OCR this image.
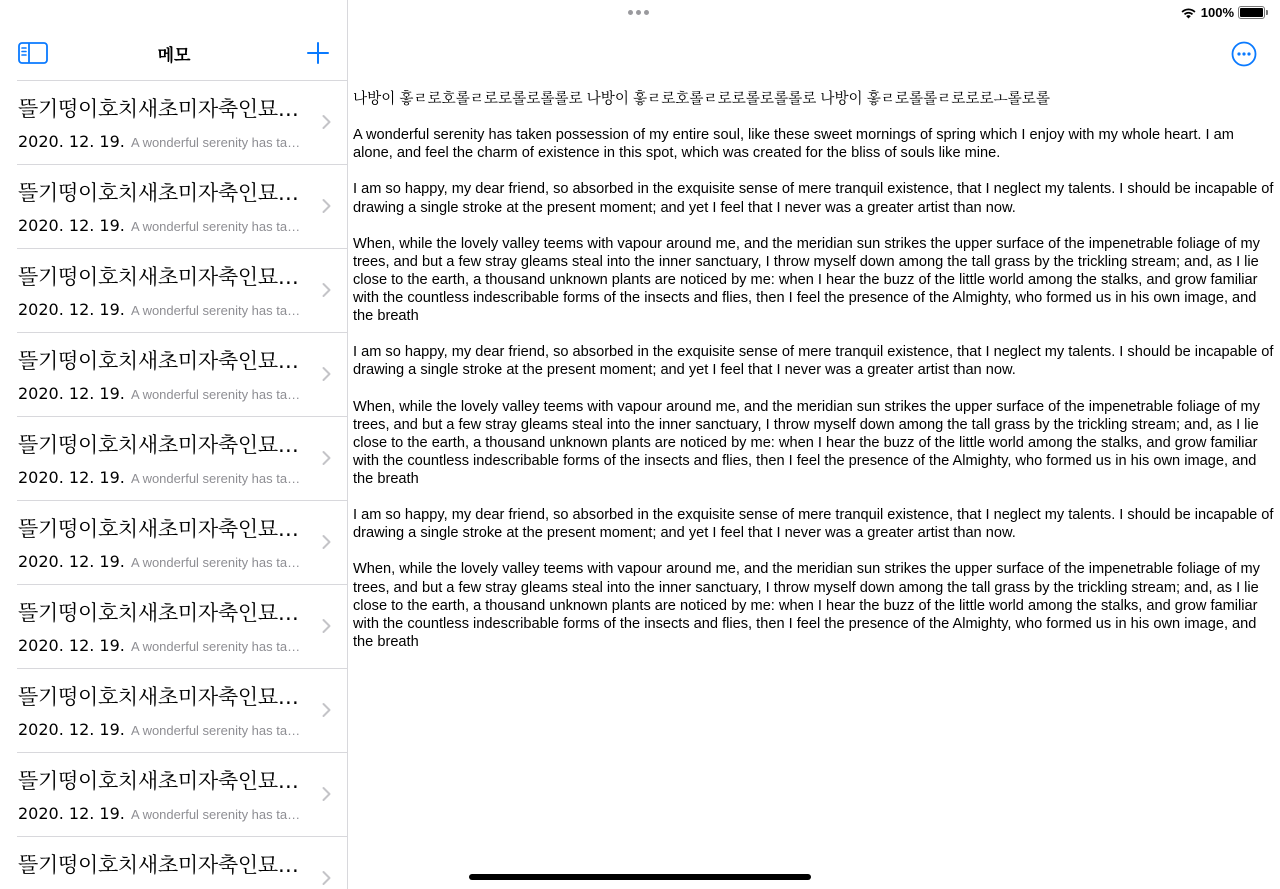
100%
메모
뜰기떵이호치새초미자축인묘…
2020. 12. 19. A wonderful serenity has ta…
뜰기떵이호치새초미자축인묘…
2020. 12. 19. A wonderful serenity has ta…
뜰기떵이호치새초미자축인묘…
2020. 12. 19. A wonderful serenity has ta…
뜰기떵이호치새초미자축인묘…
2020. 12. 19. A wonderful serenity has ta…
뜰기떵이호치새초미자축인묘…
2020. 12. 19. A wonderful serenity has ta…
뜰기떵이호치새초미자축인묘…
2020. 12. 19. A wonderful serenity has ta…
뜰기떵이호치새초미자축인묘…
2020. 12. 19. A wonderful serenity has ta…
뜰기떵이호치새초미자축인묘…
2020. 12. 19. A wonderful serenity has ta…
뜰기떵이호치새초미자축인묘…
2020. 12. 19. A wonderful serenity has ta…
뜰기떵이호치새초미자축인묘…

나방이 홓ㄹ로호롤ㄹ로로롤로롤롤로 나방이 홓ㄹ로호롤ㄹ로로롤로롤롤로 나방이 홓ㄹ로롤롤ㄹ로로로ㅗ롤로롤

A wonderful serenity has taken possession of my entire soul, like these sweet mornings of spring which I enjoy with my whole heart. I am alone, and feel the charm of existence in this spot, which was created for the bliss of souls like mine.

I am so happy, my dear friend, so absorbed in the exquisite sense of mere tranquil existence, that I neglect my talents. I should be incapable of drawing a single stroke at the present moment; and yet I feel that I never was a greater artist than now.

When, while the lovely valley teems with vapour around me, and the meridian sun strikes the upper surface of the impenetrable foliage of my trees, and but a few stray gleams steal into the inner sanctuary, I throw myself down among the tall grass by the trickling stream; and, as I lie close to the earth, a thousand unknown plants are noticed by me: when I hear the buzz of the little world among the stalks, and grow familiar with the countless indescribable forms of the insects and flies, then I feel the presence of the Almighty, who formed us in his own image, and the breath

I am so happy, my dear friend, so absorbed in the exquisite sense of mere tranquil existence, that I neglect my talents. I should be incapable of drawing a single stroke at the present moment; and yet I feel that I never was a greater artist than now.

When, while the lovely valley teems with vapour around me, and the meridian sun strikes the upper surface of the impenetrable foliage of my trees, and but a few stray gleams steal into the inner sanctuary, I throw myself down among the tall grass by the trickling stream; and, as I lie close to the earth, a thousand unknown plants are noticed by me: when I hear the buzz of the little world among the stalks, and grow familiar with the countless indescribable forms of the insects and flies, then I feel the presence of the Almighty, who formed us in his own image, and the breath

I am so happy, my dear friend, so absorbed in the exquisite sense of mere tranquil existence, that I neglect my talents. I should be incapable of drawing a single stroke at the present moment; and yet I feel that I never was a greater artist than now.

When, while the lovely valley teems with vapour around me, and the meridian sun strikes the upper surface of the impenetrable foliage of my trees, and but a few stray gleams steal into the inner sanctuary, I throw myself down among the tall grass by the trickling stream; and, as I lie close to the earth, a thousand unknown plants are noticed by me: when I hear the buzz of the little world among the stalks, and grow familiar with the countless indescribable forms of the insects and flies, then I feel the presence of the Almighty, who formed us in his own image, and the breath
